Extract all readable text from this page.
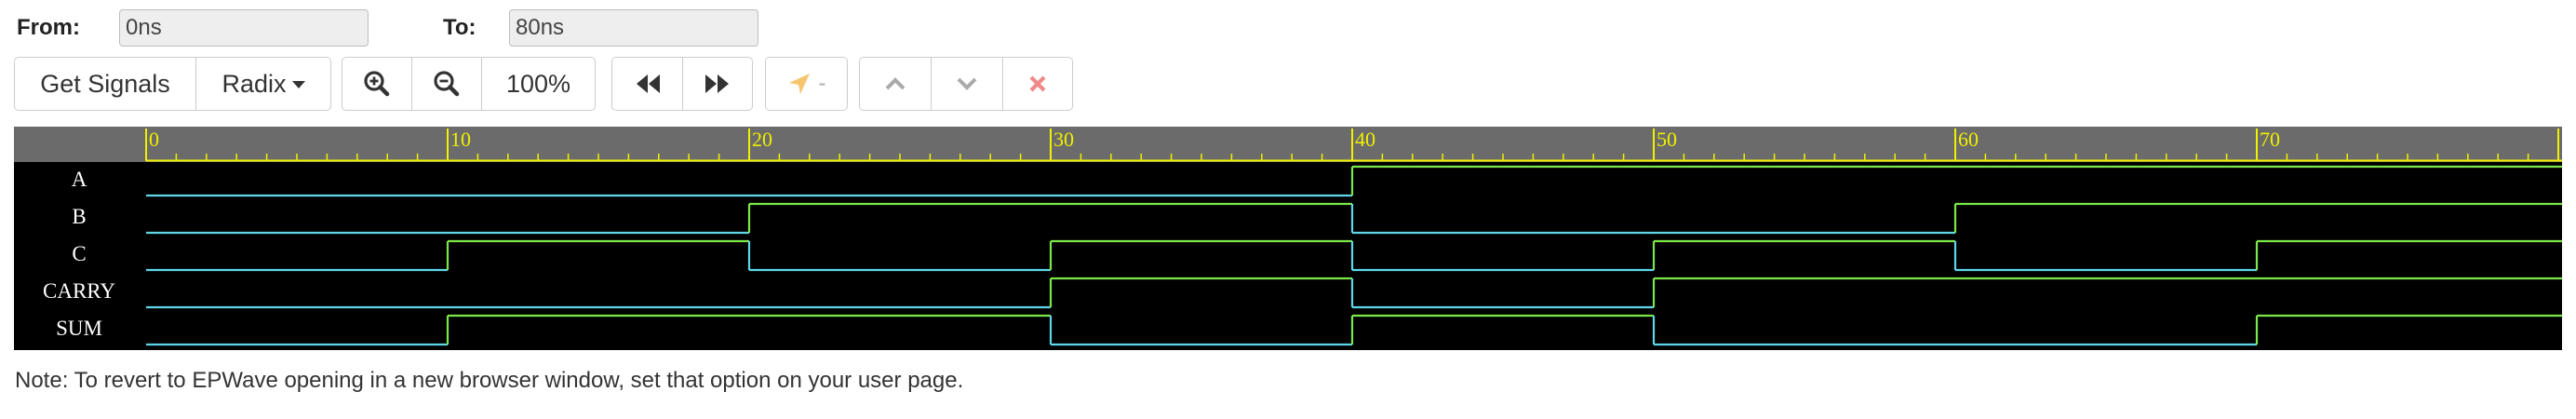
From:
0ns	To:
80ns
Get Signals	Radix	100%	-
0	10	20	30	40	50	60	70
A
B
C
CARRY
SUM
Note: To revert to EPWave opening in a new browser window, set that option on your user page.
